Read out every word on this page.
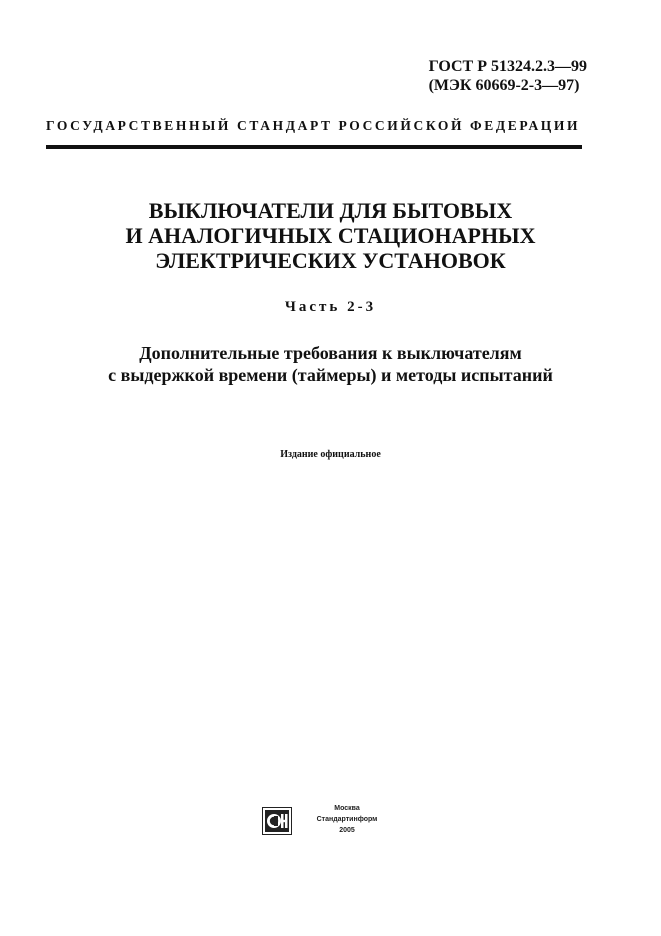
ГОСТ Р 51324.2.3—99
(МЭК 60669-2-3—97)
ГОСУДАРСТВЕННЫЙ СТАНДАРТ РОССИЙСКОЙ ФЕДЕРАЦИИ
ВЫКЛЮЧАТЕЛИ ДЛЯ БЫТОВЫХ
И АНАЛОГИЧНЫХ СТАЦИОНАРНЫХ
ЭЛЕКТРИЧЕСКИХ УСТАНОВОК
Часть 2-3
Дополнительные требования к выключателям
с выдержкой времени (таймеры) и методы испытаний
Издание официальное
Москва
Стандартинформ
2005
